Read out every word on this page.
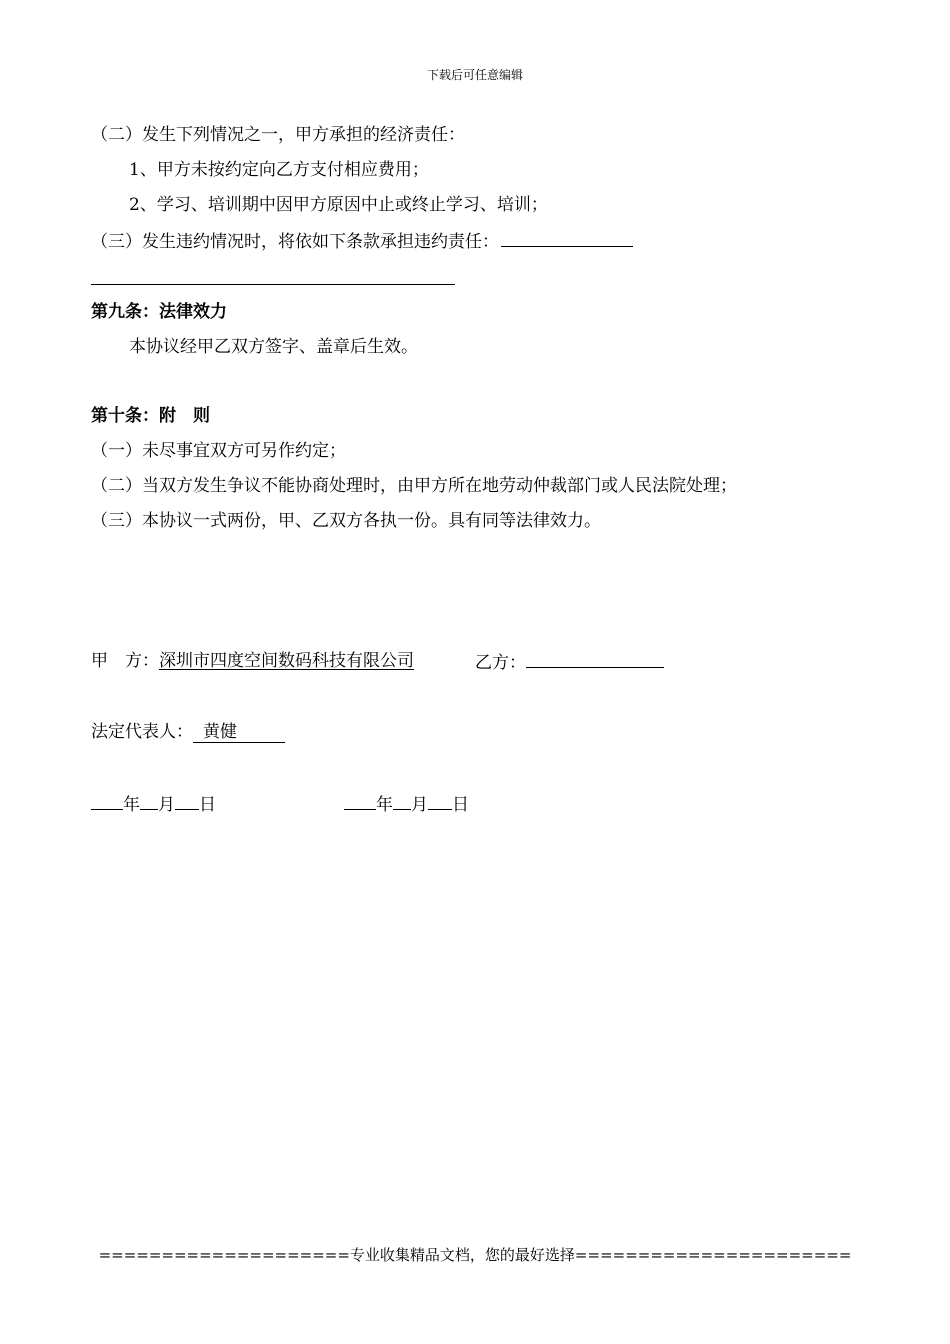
下载后可任意编辑
（二）发生下列情况之一，甲方承担的经济责任：
1、甲方未按约定向乙方支付相应费用；
2、学习、培训期中因甲方原因中止或终止学习、培训；
（三）发生违约情况时，将依如下条款承担违约责任：
第九条：法律效力
本协议经甲乙双方签字、盖章后生效。
第十条：附　则
（一）未尽事宜双方可另作约定；
（二）当双方发生争议不能协商处理时，由甲方所在地劳动仲裁部门或人民法院处理；
（三）本协议一式两份，甲、乙双方各执一份。具有同等法律效力。
甲　方：深圳市四度空间数码科技有限公司	乙方：
法定代表人： 黄健
年 月 日	年 月 日
====================专业收集精品文档，您的最好选择======================
